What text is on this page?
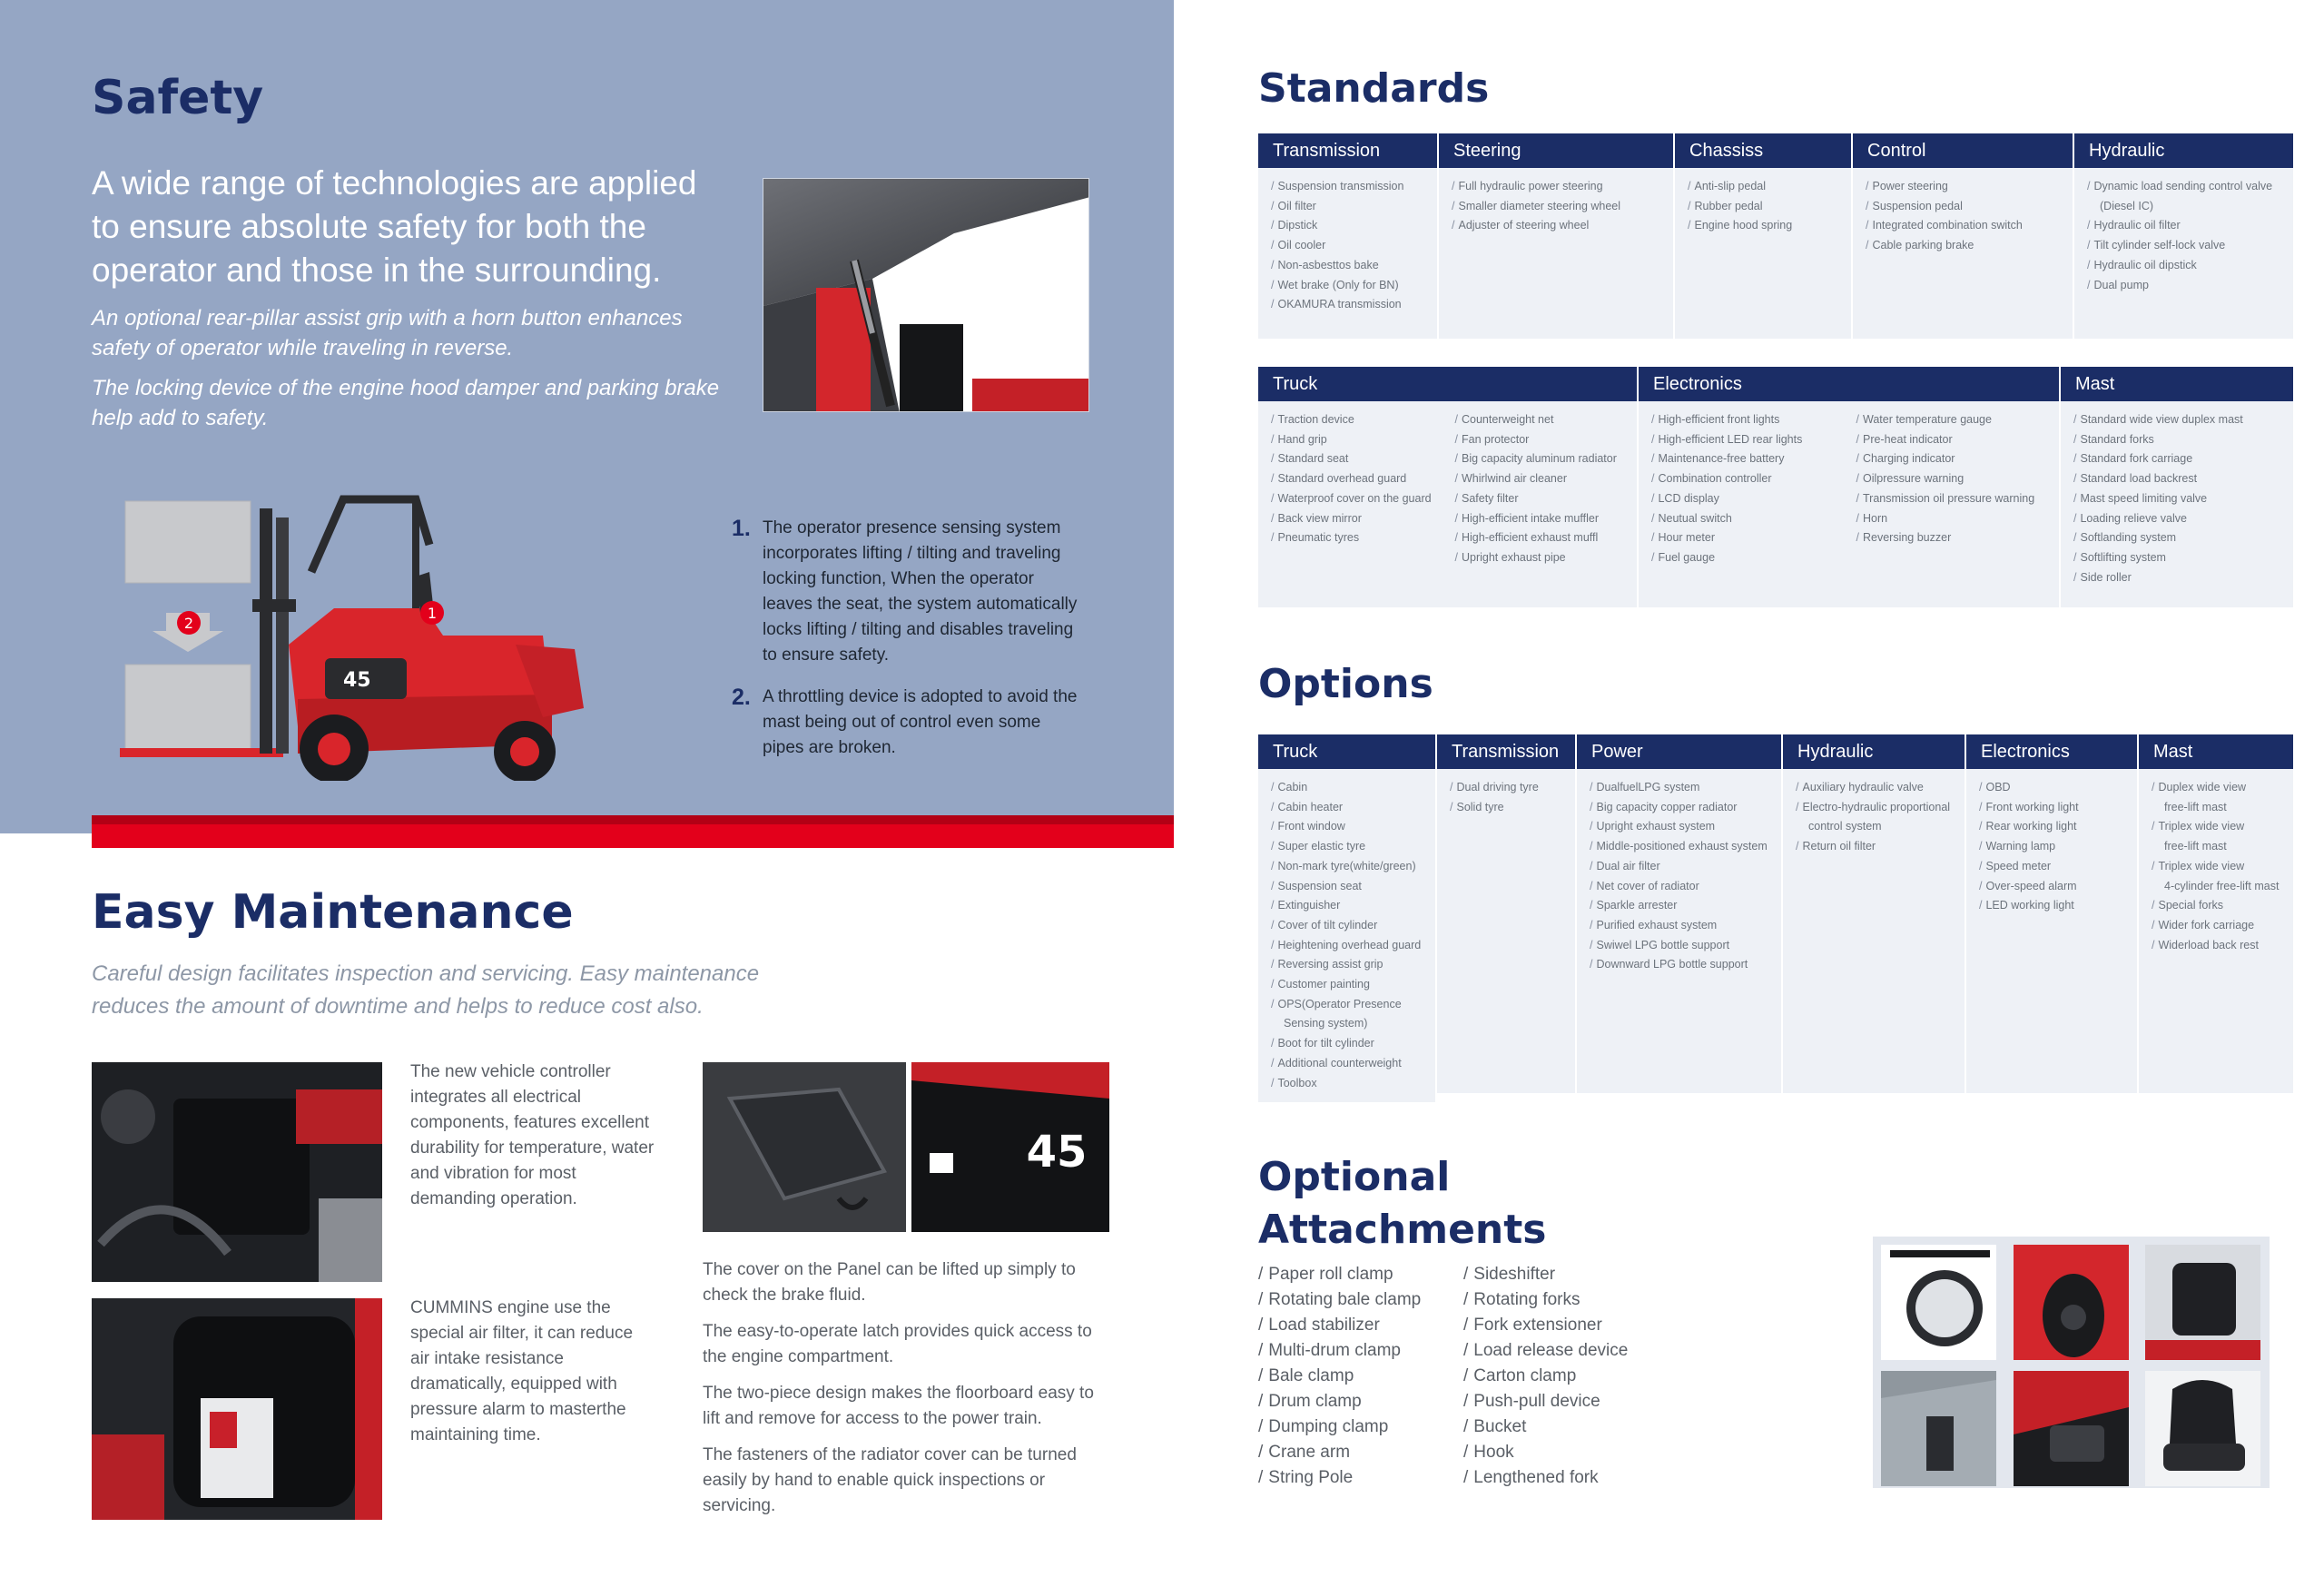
Safety

A wide range of technologies are applied to ensure absolute safety for both the operator and those in the surrounding.

An optional rear-pillar assist grip with a horn button enhances safety of operator while traveling in reverse.

The locking device of the engine hood damper and parking brake help add to safety.

45
2
1
1. The operator presence sensing system incorporates lifting / tilting and traveling locking function, When the operator leaves the seat, the system automatically locks lifting / tilting and disables traveling to ensure safety.
2. A throttling device is adopted to avoid the mast being out of control even some pipes are broken.
Easy Maintenance

Careful design facilitates inspection and servicing. Easy maintenance reduces the amount of downtime and helps to reduce cost also.

The new vehicle controller integrates all electrical components, features excellent durability for temperature, water and vibration for most demanding operation.
CUMMINS engine use the special air filter, it can reduce air intake resistance dramatically, equipped with pressure alarm to masterthe maintaining time.
45

The cover on the Panel can be lifted up simply to check the brake fluid.

The easy-to-operate latch provides quick access to the engine compartment.

The two-piece design makes the floorboard easy to lift and remove for access to the power train.

The fasteners of the radiator cover can be turned easily by hand to enable quick inspections or servicing.

Standards
Transmission
/ Suspension transmission
/ Oil filter
/ Dipstick
/ Oil cooler
/ Non-asbesttos bake
/ Wet brake (Only for BN)
/ OKAMURA transmission
Steering
/ Full hydraulic power steering
/ Smaller diameter steering wheel
/ Adjuster of steering wheel
Chassiss
/ Anti-slip pedal
/ Rubber pedal
/ Engine hood spring
Control
/ Power steering
/ Suspension pedal
/ Integrated combination switch
/ Cable parking brake
Hydraulic
/ Dynamic load sending control valve
(Diesel IC)
/ Hydraulic oil filter
/ Tilt cylinder self-lock valve
/ Hydraulic oil dipstick
/ Dual pump
Truck
/ Traction device
/ Hand grip
/ Standard seat
/ Standard overhead guard
/ Waterproof cover on the guard
/ Back view mirror
/ Pneumatic tyres
/ Counterweight net
/ Fan protector
/ Big capacity aluminum radiator
/ Whirlwind air cleaner
/ Safety filter
/ High-efficient intake muffler
/ High-efficient exhaust muffl
/ Upright exhaust pipe
Electronics
/ High-efficient front lights
/ High-efficient LED rear lights
/ Maintenance-free battery
/ Combination controller
/ LCD display
/ Neutual switch
/ Hour meter
/ Fuel gauge
/ Water temperature gauge
/ Pre-heat indicator
/ Charging indicator
/ Oilpressure warning
/ Transmission oil pressure warning
/ Horn
/ Reversing buzzer
Mast
/ Standard wide view duplex mast
/ Standard forks
/ Standard fork carriage
/ Standard load backrest
/ Mast speed limiting valve
/ Loading relieve valve
/ Softlanding system
/ Softlifting system
/ Side roller
Options
Truck
/ Cabin
/ Cabin heater
/ Front window
/ Super elastic tyre
/ Non-mark tyre(white/green)
/ Suspension seat
/ Extinguisher
/ Cover of tilt cylinder
/ Heightening overhead guard
/ Reversing assist grip
/ Customer painting
/ OPS(Operator Presence
Sensing system)
/ Boot for tilt cylinder
/ Additional counterweight
/ Toolbox
Transmission
/ Dual driving tyre
/ Solid tyre
Power
/ DualfuelLPG system
/ Big capacity copper radiator
/ Upright exhaust system
/ Middle-positioned exhaust system
/ Dual air filter
/ Net cover of radiator
/ Sparkle arrester
/ Purified exhaust system
/ Swiwel LPG bottle support
/ Downward LPG bottle support
Hydraulic
/ Auxiliary hydraulic valve
/ Electro-hydraulic proportional
control system
/ Return oil filter
Electronics
/ OBD
/ Front working light
/ Rear working light
/ Warning lamp
/ Speed meter
/ Over-speed alarm
/ LED working light
Mast
/ Duplex wide view
free-lift mast
/ Triplex wide view
free-lift mast
/ Triplex wide view
4-cylinder free-lift mast
/ Special forks
/ Wider fork carriage
/ Widerload back rest
Optional
Attachments
/ Paper roll clamp
/ Rotating bale clamp
/ Load stabilizer
/ Multi-drum clamp
/ Bale clamp
/ Drum clamp
/ Dumping clamp
/ Crane arm
/ String Pole
/ Sideshifter
/ Rotating forks
/ Fork extensioner
/ Load release device
/ Carton clamp
/ Push-pull device
/ Bucket
/ Hook
/ Lengthened fork
